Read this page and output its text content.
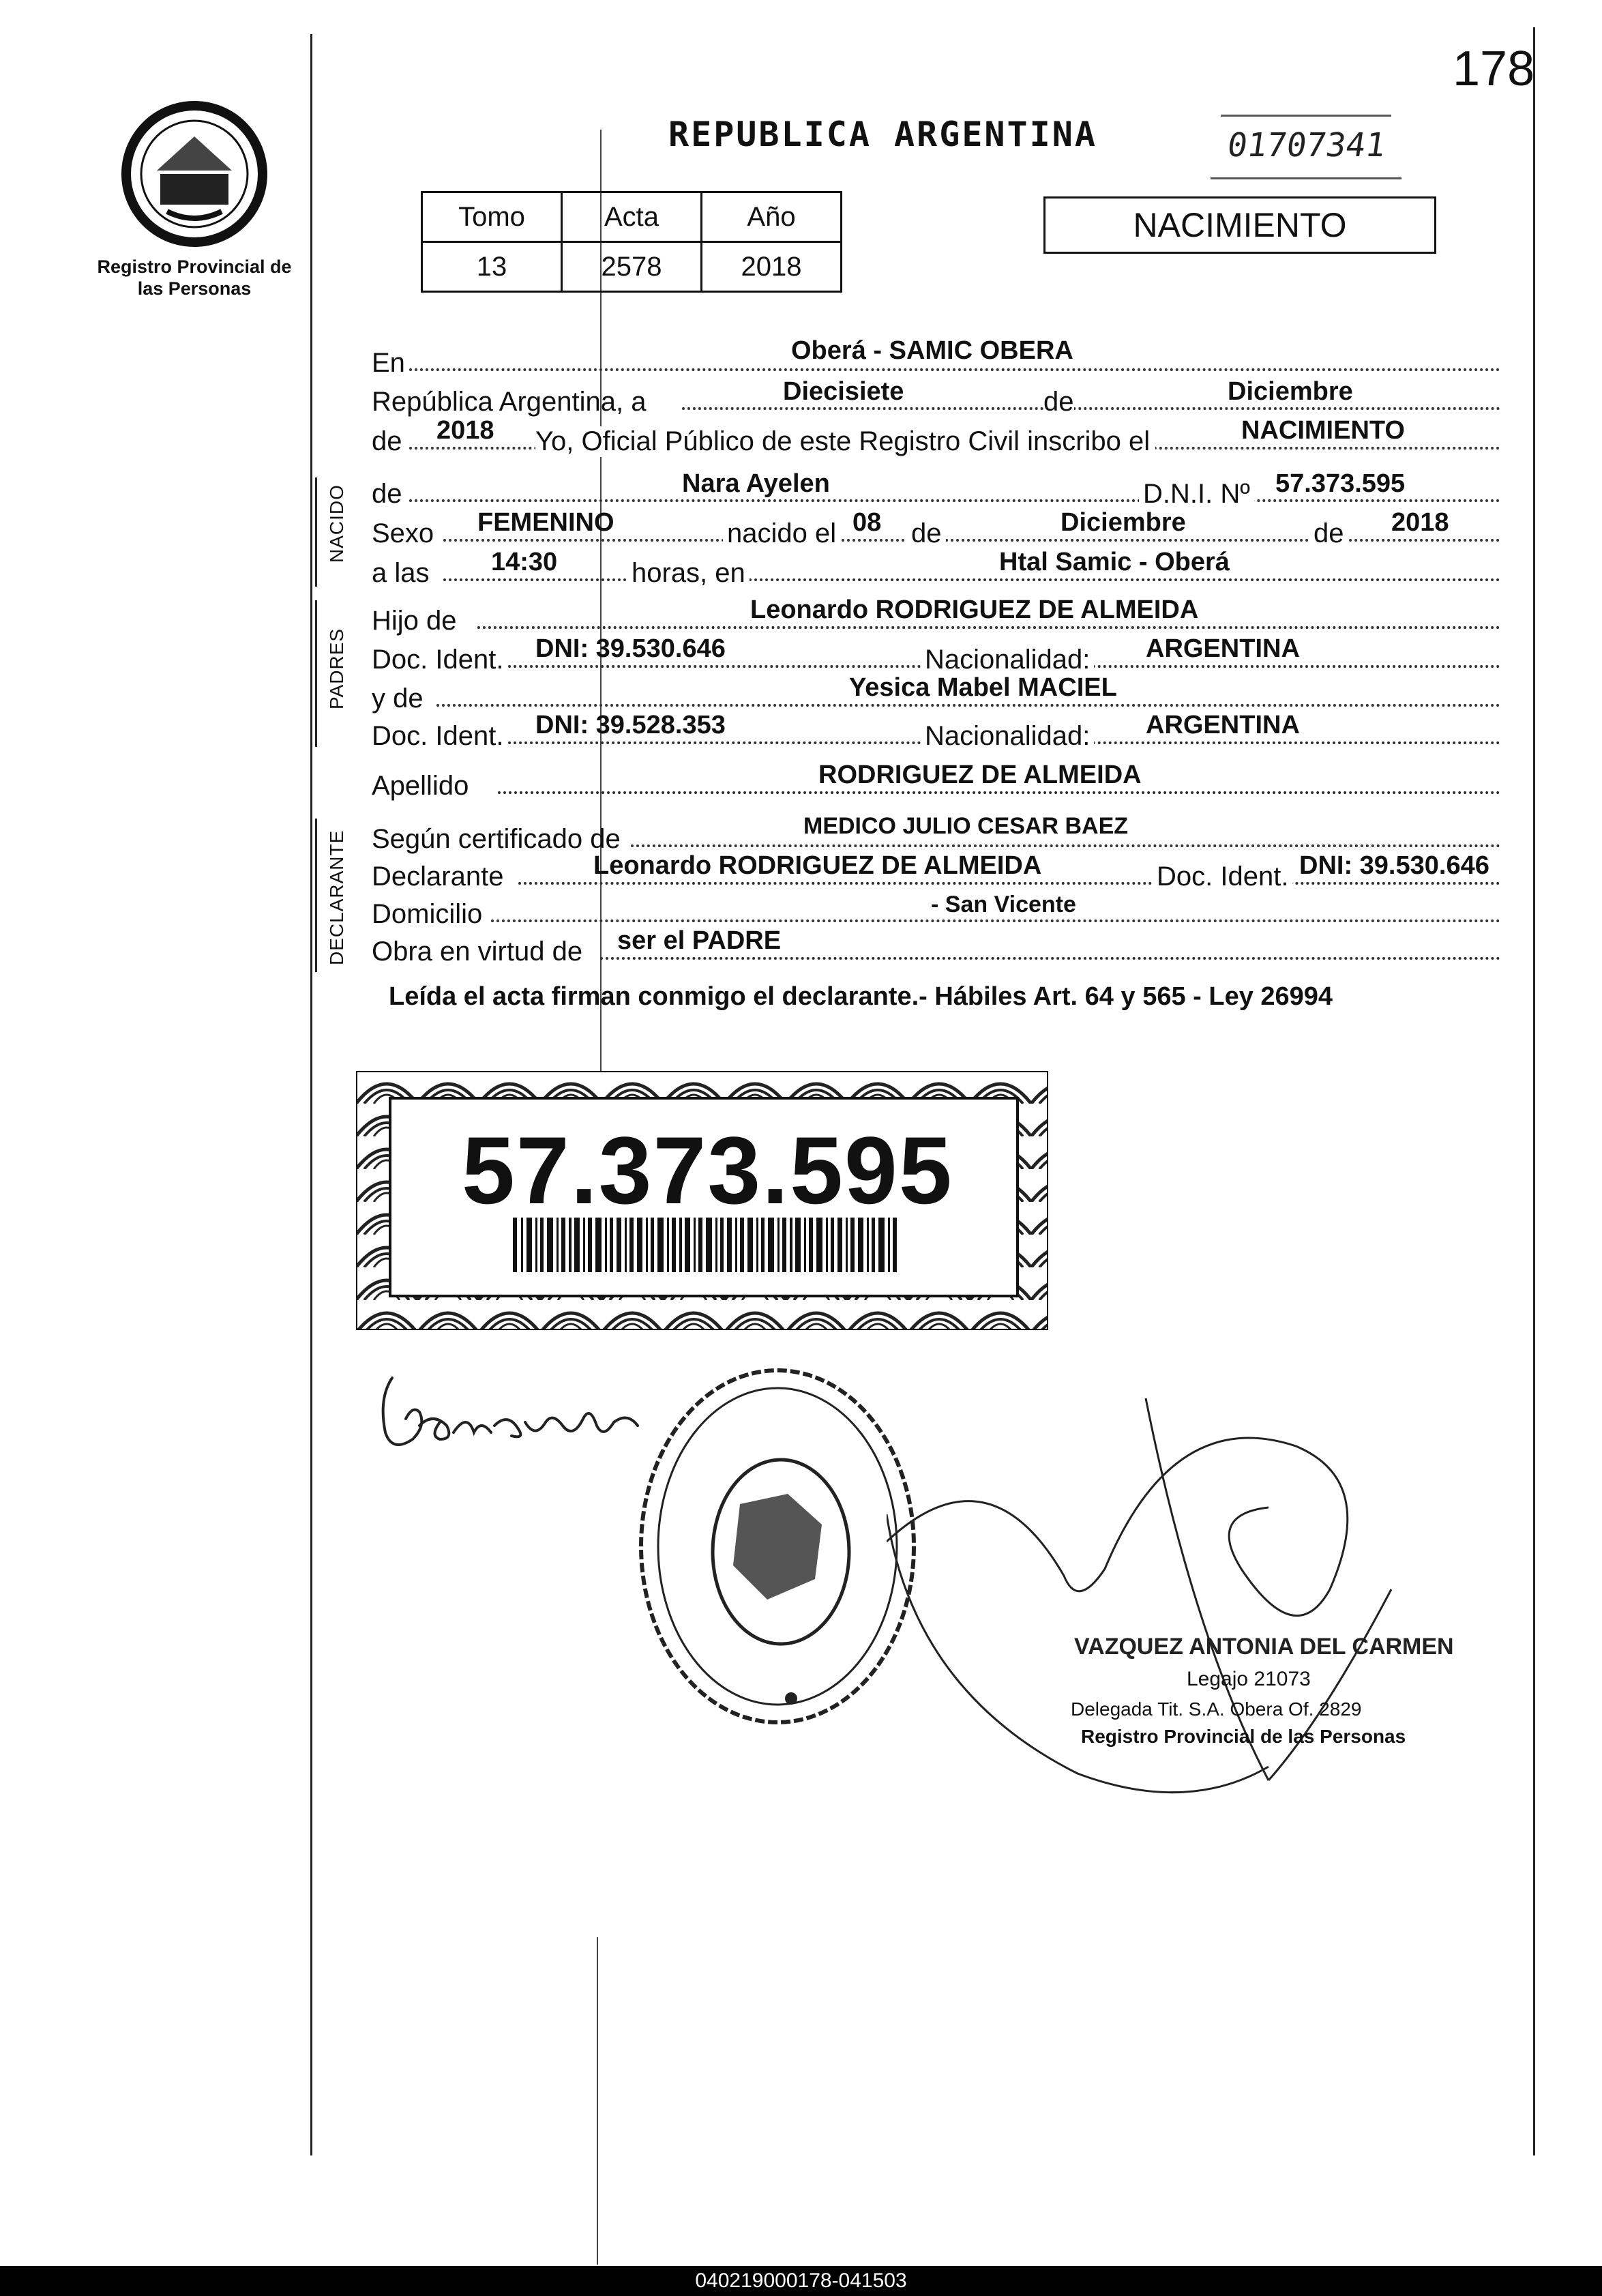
178
Registro Provincial de las Personas
REPUBLICA ARGENTINA	01707341
Tomo	Acta	Año
13	2578	2018
NACIMIENTO
En	Oberá - SAMIC OBERA
República Argentina, a	Diecisiete	de	Diciembre
de 2018 Yo, Oficial Público de este Registro Civil inscribo el	NACIMIENTO
NACIDO de	Nara Ayelen	D.N.I. Nº 57.373.595
Sexo FEMENINO	nacido el 08 de	Diciembre	de 2018
a las 14:30	horas, en	Htal Samic - Oberá
PADRES
Hijo de	Leonardo RODRIGUEZ DE ALMEIDA
Doc. Ident. DNI: 39.530.646	Nacionalidad: ARGENTINA
y de	Yesica Mabel MACIEL
Doc. Ident. DNI: 39.528.353	Nacionalidad: ARGENTINA
Apellido	RODRIGUEZ DE ALMEIDA
DECLARANTE Según certificado de	MEDICO JULIO CESAR BAEZ
Declarante	Leonardo RODRIGUEZ DE ALMEIDA	Doc. Ident. DNI: 39.530.646
Domicilio	- San Vicente
Obra en virtud de ser el PADRE
Leída el acta firman conmigo el declarante.- Hábiles Art. 64 y 565 - Ley 26994
57.373.595
VAZQUEZ ANTONIA DEL CARMEN
Legajo 21073
Delegada Tit. S.A. Obera Of. 2829
Registro Provincial de las Personas
040219000178-041503
